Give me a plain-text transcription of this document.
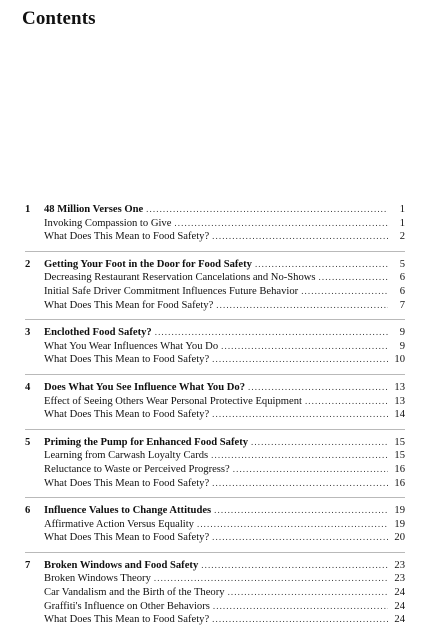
Contents
1	48 Million Verses One .....	1
Invoking Compassion to Give .....	1
What Does This Mean to Food Safety? .....	2
2	Getting Your Foot in the Door for Food Safety .....	5
Decreasing Restaurant Reservation Cancelations and No-Shows .....	6
Initial Safe Driver Commitment Influences Future Behavior .....	6
What Does This Mean for Food Safety? .....	7
3	Enclothed Food Safety? .....	9
What You Wear Influences What You Do .....	9
What Does This Mean to Food Safety? .....	10
4	Does What You See Influence What You Do? .....	13
Effect of Seeing Others Wear Personal Protective Equipment .....	13
What Does This Mean to Food Safety? .....	14
5	Priming the Pump for Enhanced Food Safety .....	15
Learning from Carwash Loyalty Cards .....	15
Reluctance to Waste or Perceived Progress? .....	16
What Does This Mean to Food Safety? .....	16
6	Influence Values to Change Attitudes .....	19
Affirmative Action Versus Equality .....	19
What Does This Mean to Food Safety? .....	20
7	Broken Windows and Food Safety .....	23
Broken Windows Theory .....	23
Car Vandalism and the Birth of the Theory .....	24
Graffiti's Influence on Other Behaviors .....	24
What Does This Mean to Food Safety? .....	24
